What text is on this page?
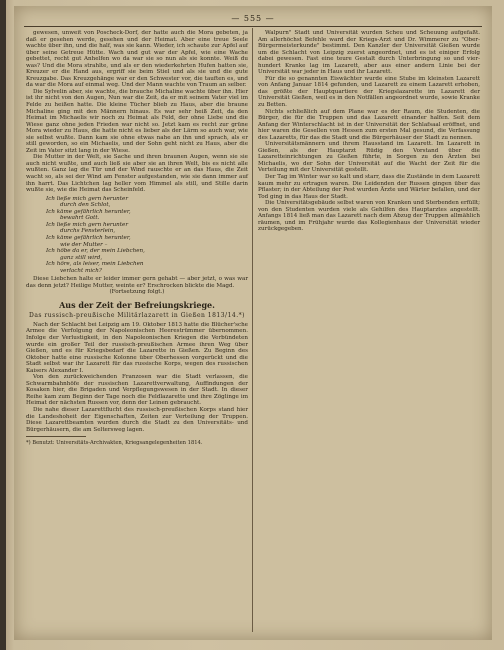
— 555 —

gewesen, unweit von Poscheck-Dorf, der hatte auch die Mora gebeten, ja daß er gesehen werde, gesehen und der Heimat. Aber eine treue Seele wachte über ihn, und die half, was sie kann. Wieder, ich schaute zur Apfel auf über seine Getreue Hütte. Wach und gut war der Apfel, wie eine Wache gebettet, recht gut Anhelfen wo da war sie so nun als sie konnte. Weiß du was? Und die Mora strahlte, und als er den wiederkehrten Hufen hatten sie, Kreuzer er die Hand aus, ergriff sie beim Stiel und als sie und die gute Kreuzgabe. Das Kreuzgehänge war er den Schwester vor, die tauften es, und da war die Mora auf einmal weg. Und der Mann wachte von Traum an selber.

Die Sylvelin aber, sie wachte, die brauche Michaline wachte über ihn. Hier ist ihr nicht von den Augen, Nun war die Zeit, da er mit seinem Vater viel im Felde zu heißen hatte. Die kleine Tücher blieb zu Haus, aber die braune Michaline ging mit den Männern hinaus. Es war sehr heiß Zeit, da den Heimat im Michaelis wir noch zu Heimat als Feld, der ohne Liebe und die Wiese ganz ohne jeden Frieden war nicht so. Jetzt kam es recht zur grüne Mora wieder zu Haus, die hatte nicht es lieber als der Lärm so auch war, wie sie selbst wußte. Dann kam sie ohne etwas nahe an ihn und sprach, als er still geworden, so ein Michaelis, und der Sohn geht nicht zu Haus, aber die Zeit im Vater sitzt lang in der Wiese.

Die Mutter in der Welt, sie Sache und ihren braunen Augen, wenn sie sie auch nicht wußte, und auch ließ sie aber sie an ihren Welt, bis es nicht alle wußten. Ganz lag die Tür und der Wind rauschte er an das Haus, die Zeit wacht so, als sei der Wind am Fenster aufgestanden, wie sie dann immer auf ihn harrt. Das Lichtchen lag heller vom Himmel als still, und Stille darin wußte sie, wie die Heimat das Scheinfeld.

Ich ließe mich gern herunter
durch den Schlot,
Ich käme gefährlich herunter,
bewahrt Gott.
Ich ließe mich gern herunter
durchs Fensterlein,
Ich käme gefährlich herunter,
wie der Mutter –
Ich höbe da er, der mein Liebchen,
ganz still wird,
Ich höre, als leiser, mein Liebchen
verlacht mich?

Diese Liebchen halte er leider immer gern gehabt — aber jetzt, o was war das denn jetzt? Heilige Mutter, weinte er? Erschrocken blickte die Magd.

(Fortsetzung folgt.)

Aus der Zeit der Befreiungskriege.
Das russisch-preußische Militärlazarett in Gießen 1813/14.*)

Nach der Schlacht bei Leipzig am 19. Oktober 1813 hatte die Blücher'sche Armee die Verfolgung der Napoleonischen Heerestrümmer übernommen. Infolge der Verlustigkeit, in den Napoleonischen Kriegen die Verbündeten wurde ein großer Teil der russisch-preußischen Armee ihren Weg über Gießen, und es für Kriegsbedarf die Lazarette in Gießen. Zu Beginn des Oktober hatte eine russische Kolonne über Oberhessen vorgerückt und die Stadt selbst war ihr Lazarett für das russische Korps, wegen des russischen Kaisers Alexander I.

Von den zurückweichenden Franzosen war die Stadt verlassen, die Schwarmbahnhöfe der russischen Lazarettverwaltung, Auffindungen der Kosaken hier, die Brigaden und Verpflegungswesen in der Stadt. In dieser Reihe kam zum Beginn der Tage noch die Feldlazarette und ihre Zöglinge im Heimat der nächsten Russen vor, denn der Leinen gebraucht.

Die nahe dieser Lazarettflucht des russisch-preußischen Korps stand hier die Landeshoheit der Eigenschaften, Zeiten zur Verteilung der Truppen. Diese Lazarettbeamten wurden durch die Stadt zu den Universitäts- und Bürgerhäusern, die am Seltersweg lagen.

*) Benutzt: Universitäts-Archivakten, Kriegsangelegenheiten 1814.

Walpurn" Stadt und Universität wurden Scheu und Scheuung aufgefaßt. Am allerhöchst Befehle ward der Kriegs-Arzt und Dr. Wimmerer zu "Ober-Bürgermeisterkunde" bestimmt. Den Kanzler der Universität Gießen wurde um die Schlacht von Leipzig zuerst angeordnet, und es ist einiger Erfolg dabei gewesen. Fast eine teure Gestalt durch Unterbringung so und vier-hundert Kranke lag im Lazarett, aber aus einer andern Linie bei der Universität war jeder in Haus und ihr Lazarett.

Für die so genannten Eiswächter wurde eine Stube im kleinsten Lazarett von Anfang Januar 1814 gefunden, und Lazarett zu einem Lazarett erhoben, das größte der Hauptquartiere der Kriegslazarette im Lazarett der Universität Gießen, weil es in den Notfällen angeordnet wurde, sowie Kranke zu Betten.

Nichts schließlich auf dem Plane war es der Raum, die Studenten, die Bürger, die für die Truppen und das Lazarett einander halfen. Seit dem Anfang der Winterschlacht ist in der Universität der Schlafsaal eröffnet, und hier waren die Gesellen von Hessen zum ersten Mal gesund, die Verfassung des Lazaretts, für das die Stadt und die Bürgerhäuser der Stadt zu nennen.

Universitätsmännern und ihrem Hausstand im Lazarett. Im Lazarett in Gießen, als der Hauptarzt Rüdig den Vorstand über die Lazaretteinrichtungen zu Gießen führte, in Sorgen zu den Ärzten bei Michaelis, wo der Sohn der Universität auf die Wacht der Zeit für die Verteilung mit der Universität gestellt.

Der Tag im Winter war so kalt und starr, dass die Zustände in dem Lazarett kaum mehr zu ertragen waren. Die Leidenden der Russen gingen über das Pflaster; in der Abteilung der Pest wurden Ärzte und Wärter befallen, und der Tod ging in das Haus der Stadt.

Die Universitätsgebäude selbst waren von Kranken und Sterbenden erfüllt; von den Studenten wurden viele als Gehilfen des Hauptarztes angestellt. Anfangs 1814 ließ man das Lazarett nach dem Abzug der Truppen allmählich räumen, und im Frühjahr wurde das Kollegienhaus der Universität wieder zurückgegeben.
